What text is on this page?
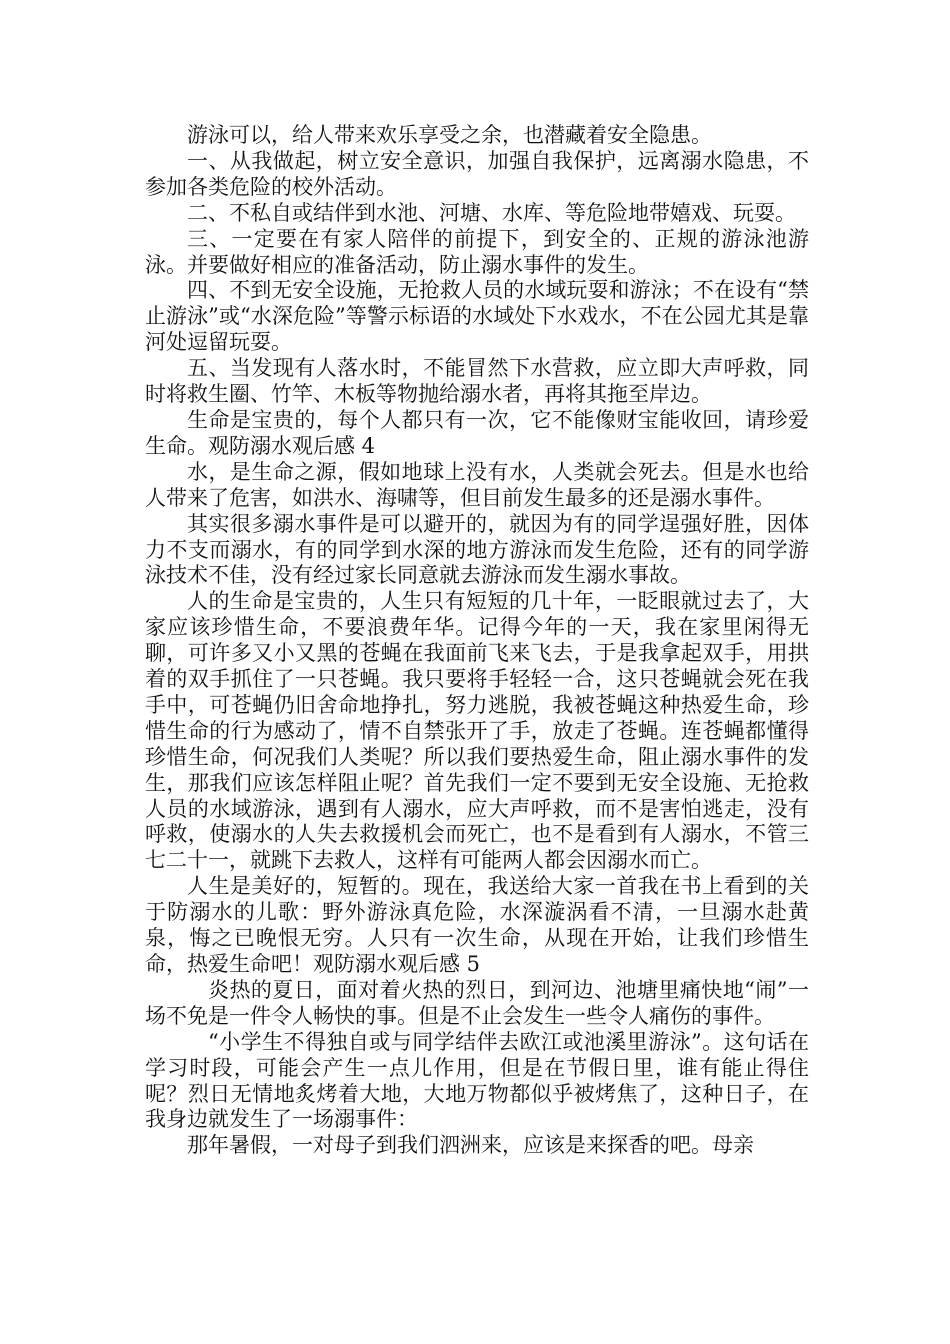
游泳可以，给人带来欢乐享受之余，也潜藏着安全隐患。

一、从我做起，树立安全意识，加强自我保护，远离溺水隐患，不参加各类危险的校外活动。

二、不私自或结伴到水池、河塘、水库、等危险地带嬉戏、玩耍。

三、一定要在有家人陪伴的前提下，到安全的、正规的游泳池游泳。并要做好相应的准备活动，防止溺水事件的发生。

四、不到无安全设施，无抢救人员的水域玩耍和游泳；不在设有“禁止游泳”或“水深危险”等警示标语的水域处下水戏水，不在公园尤其是靠河处逗留玩耍。

五、当发现有人落水时，不能冒然下水营救，应立即大声呼救，同时将救生圈、竹竿、木板等物抛给溺水者，再将其拖至岸边。

生命是宝贵的，每个人都只有一次，它不能像财宝能收回，请珍爱生命。观防溺水观后感 4

水，是生命之源，假如地球上没有水，人类就会死去。但是水也给人带来了危害，如洪水、海啸等，但目前发生最多的还是溺水事件。

其实很多溺水事件是可以避开的，就因为有的同学逞强好胜，因体力不支而溺水，有的同学到水深的地方游泳而发生危险，还有的同学游泳技术不佳，没有经过家长同意就去游泳而发生溺水事故。

人的生命是宝贵的，人生只有短短的几十年，一眨眼就过去了，大家应该珍惜生命，不要浪费年华。记得今年的一天，我在家里闲得无聊，可许多又小又黑的苍蝇在我面前飞来飞去，于是我拿起双手，用拱着的双手抓住了一只苍蝇。我只要将手轻轻一合，这只苍蝇就会死在我手中，可苍蝇仍旧舍命地挣扎，努力逃脱，我被苍蝇这种热爱生命，珍惜生命的行为感动了，情不自禁张开了手，放走了苍蝇。连苍蝇都懂得珍惜生命，何况我们人类呢？所以我们要热爱生命，阻止溺水事件的发生，那我们应该怎样阻止呢？首先我们一定不要到无安全设施、无抢救人员的水域游泳，遇到有人溺水，应大声呼救，而不是害怕逃走，没有呼救，使溺水的人失去救援机会而死亡，也不是看到有人溺水，不管三七二十一，就跳下去救人，这样有可能两人都会因溺水而亡。

人生是美好的，短暂的。现在，我送给大家一首我在书上看到的关于防溺水的儿歌：野外游泳真危险，水深漩涡看不清，一旦溺水赴黄泉，悔之已晚恨无穷。人只有一次生命，从现在开始，让我们珍惜生命，热爱生命吧！观防溺水观后感 5

炎热的夏日，面对着火热的烈日，到河边、池塘里痛快地“闹”一场不免是一件令人畅快的事。但是不止会发生一些令人痛伤的事件。

“小学生不得独自或与同学结伴去欧江或池溪里游泳”。这句话在学习时段，可能会产生一点儿作用，但是在节假日里，谁有能止得住呢？烈日无情地炙烤着大地，大地万物都似乎被烤焦了，这种日子，在我身边就发生了一场溺事件：

那年暑假，一对母子到我们泗洲来，应该是来探香的吧。母亲
